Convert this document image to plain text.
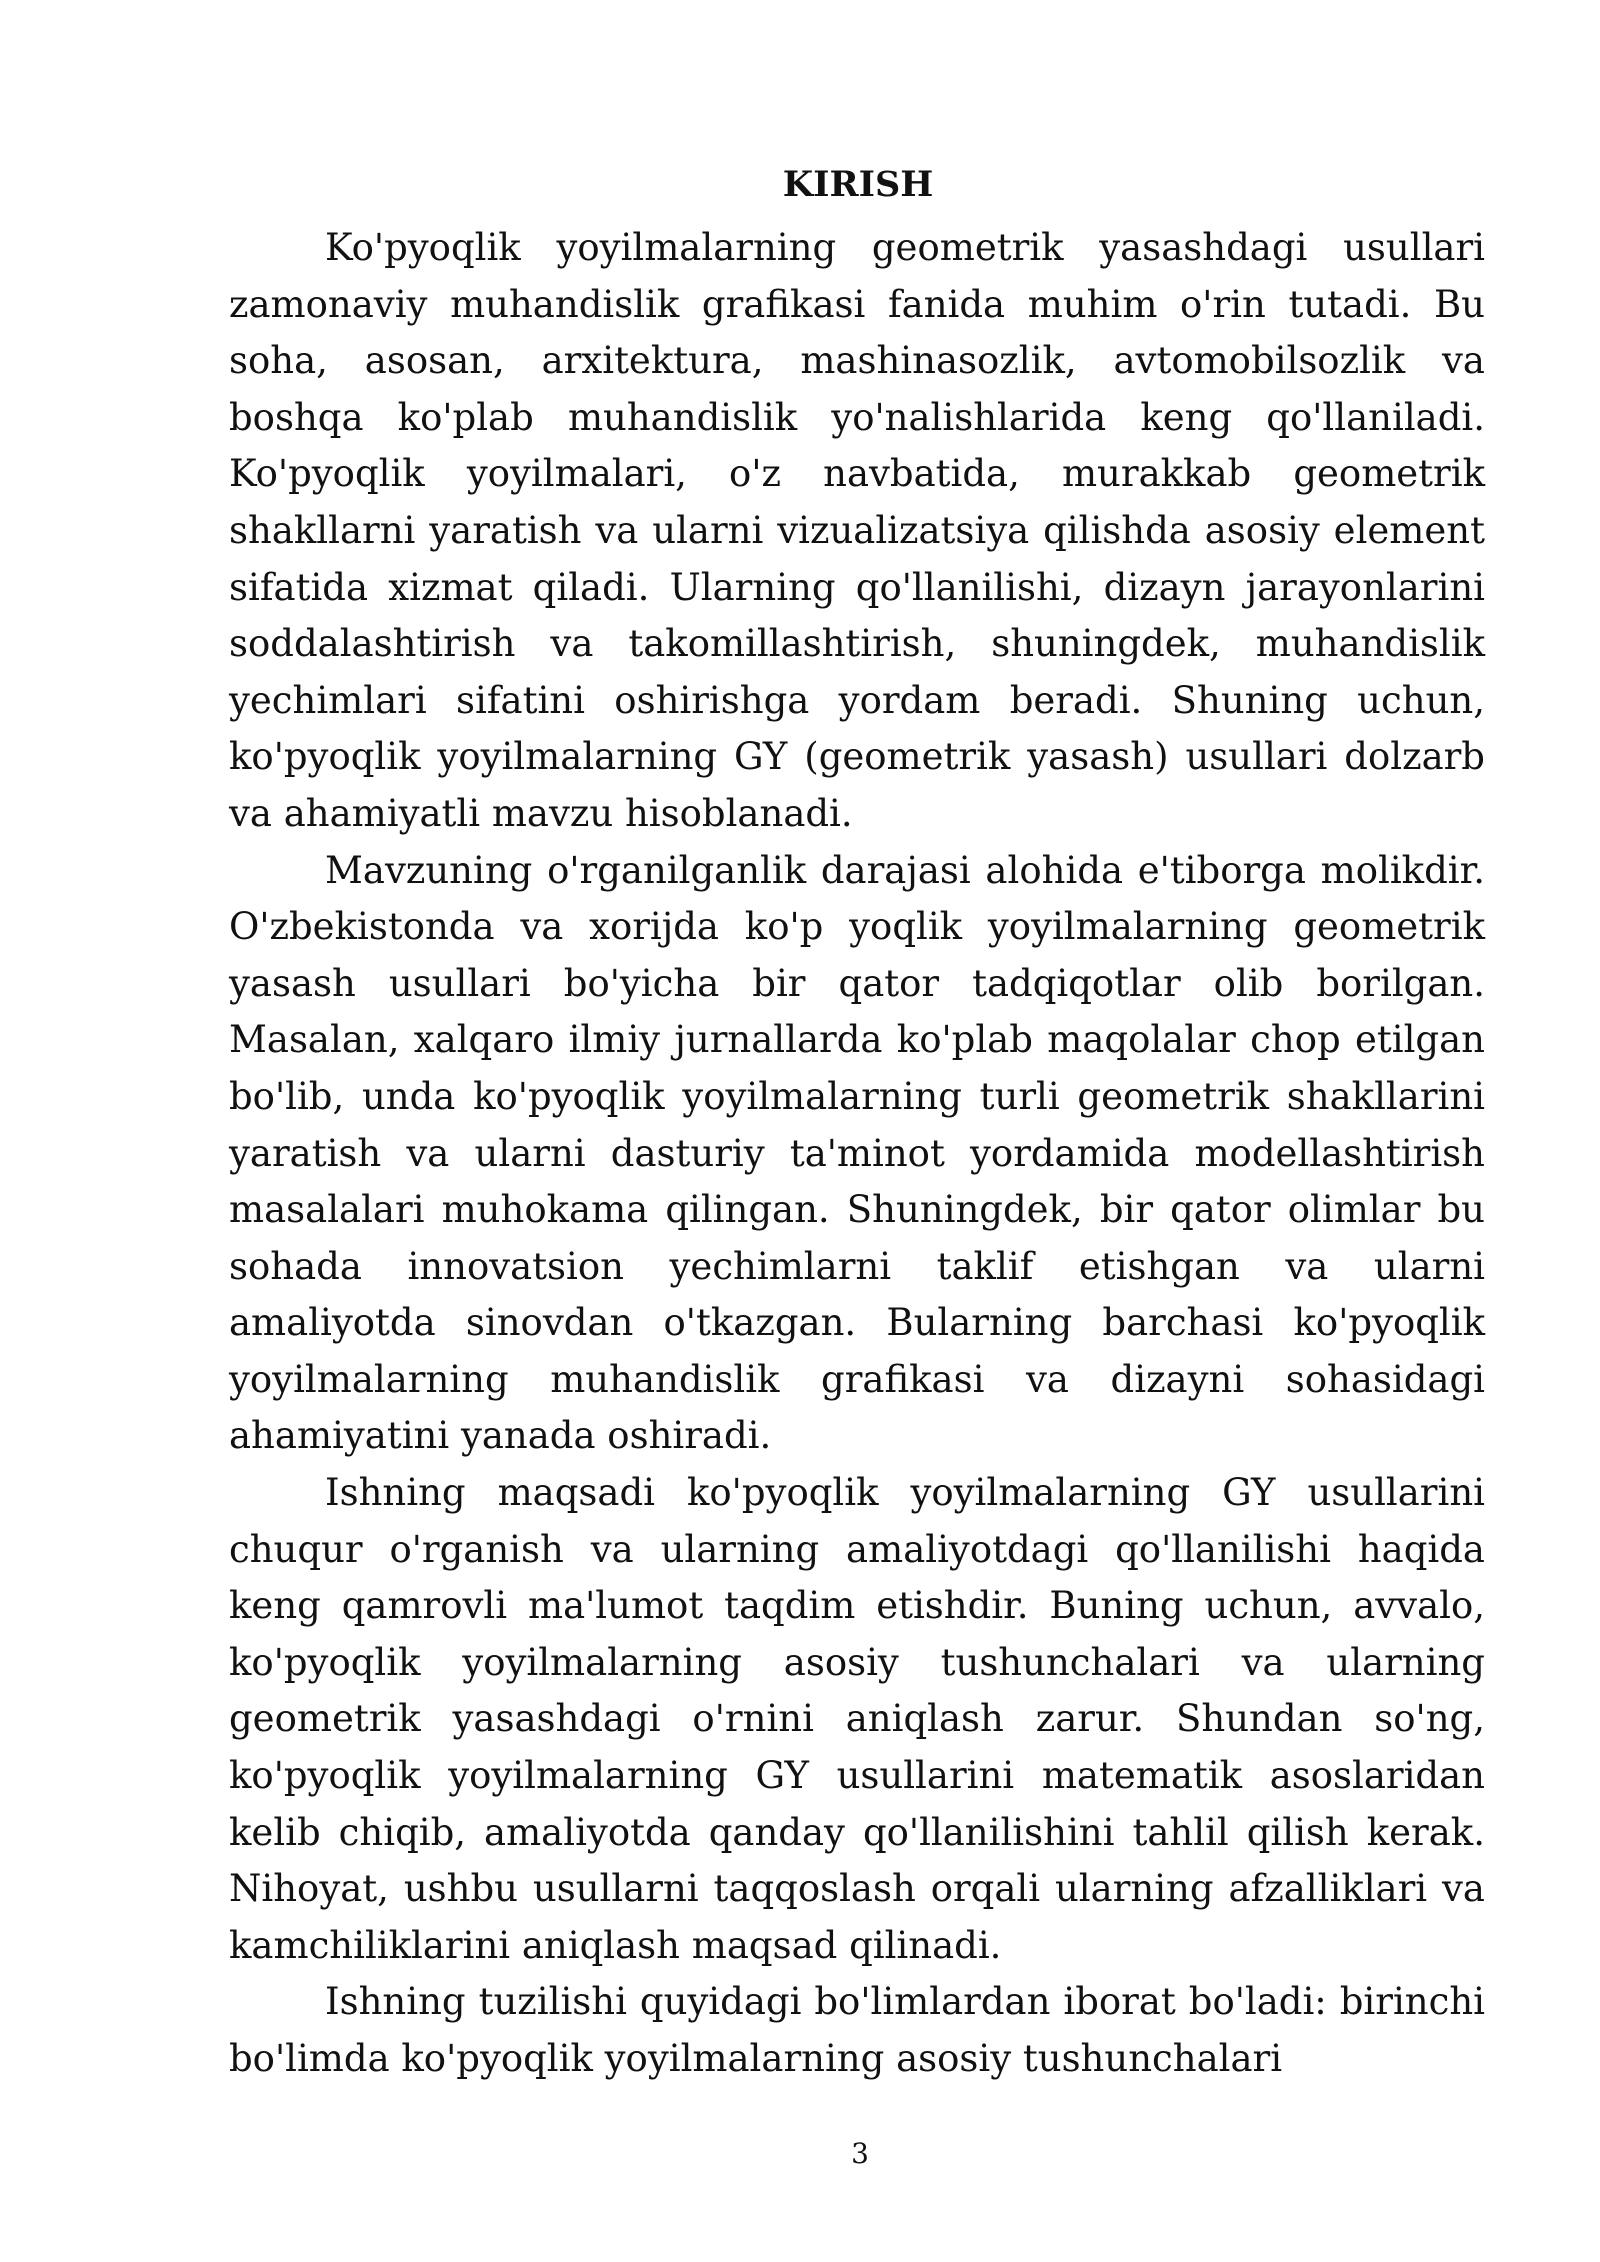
KIRISH

Ko'pyoqlik yoyilmalarning geometrik yasashdagi usullari zamonaviy muhandislik grafikasi fanida muhim o'rin tutadi. Bu soha, asosan, arxitektura, mashinasozlik, avtomobilsozlik va boshqa ko'plab muhandislik yo'nalishlarida keng qo'llaniladi. Ko'pyoqlik yoyilmalari, o'z navbatida, murakkab geometrik shakllarni yaratish va ularni vizualizatsiya qilishda asosiy element sifatida xizmat qiladi. Ularning qo'llanilishi, dizayn jarayonlarini soddalashtirish va takomillashtirish, shuningdek, muhandislik yechimlari sifatini oshirishga yordam beradi. Shuning uchun, ko'pyoqlik yoyilmalarning GY (geometrik yasash) usullari dolzarb va ahamiyatli mavzu hisoblanadi.

Mavzuning o'rganilganlik darajasi alohida e'tiborga molikdir. O'zbekistonda va xorijda ko'p yoqlik yoyilmalarning geometrik yasash usullari bo'yicha bir qator tadqiqotlar olib borilgan. Masalan, xalqaro ilmiy jurnallarda ko'plab maqolalar chop etilgan bo'lib, unda ko'pyoqlik yoyilmalarning turli geometrik shakllarini yaratish va ularni dasturiy ta'minot yordamida modellashtirish masalalari muhokama qilingan. Shuningdek, bir qator olimlar bu sohada innovatsion yechimlarni taklif etishgan va ularni amaliyotda sinovdan o'tkazgan. Bularning barchasi ko'pyoqlik yoyilmalarning muhandislik grafikasi va dizayni sohasidagi ahamiyatini yanada oshiradi.

Ishning maqsadi ko'pyoqlik yoyilmalarning GY usullarini chuqur o'rganish va ularning amaliyotdagi qo'llanilishi haqida keng qamrovli ma'lumot taqdim etishdir. Buning uchun, avvalo, ko'pyoqlik yoyilmalarning asosiy tushunchalari va ularning geometrik yasashdagi o'rnini aniqlash zarur. Shundan so'ng, ko'pyoqlik yoyilmalarning GY usullarini matematik asoslaridan kelib chiqib, amaliyotda qanday qo'llanilishini tahlil qilish kerak. Nihoyat, ushbu usullarni taqqoslash orqali ularning afzalliklari va kamchiliklarini aniqlash maqsad qilinadi.

Ishning tuzilishi quyidagi bo'limlardan iborat bo'ladi: birinchi bo'limda ko'pyoqlik yoyilmalarning asosiy tushunchalari

3
